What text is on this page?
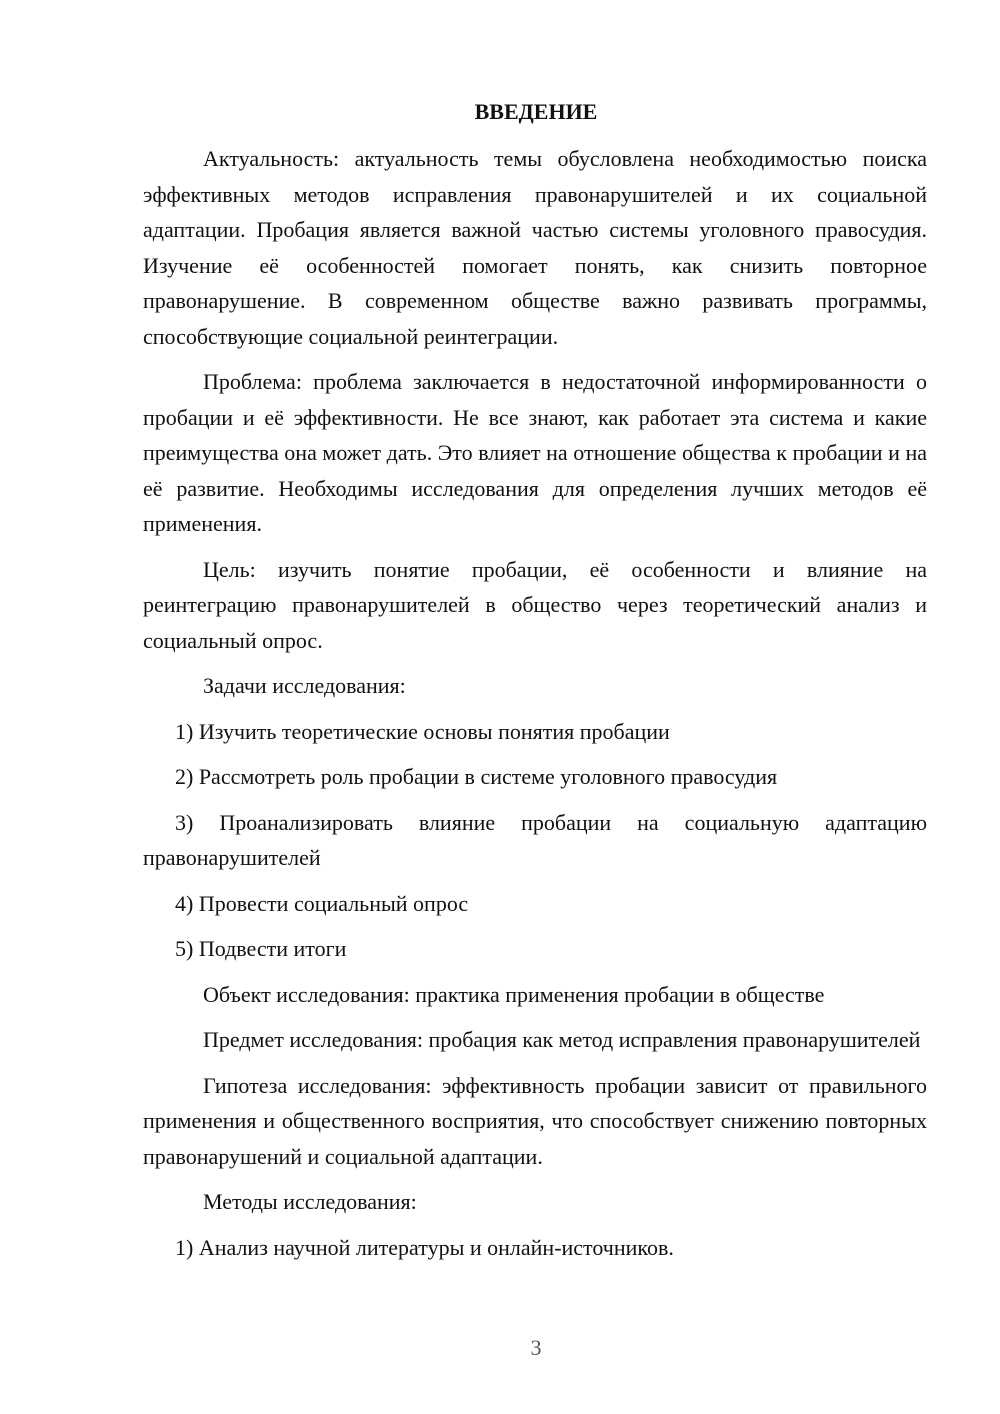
ВВЕДЕНИЕ

Актуальность: актуальность темы обусловлена необходимостью поиска эффективных методов исправления правонарушителей и их социальной адаптации. Пробация является важной частью системы уголовного правосудия. Изучение её особенностей помогает понять, как снизить повторное правонарушение. В современном обществе важно развивать программы, способствующие социальной реинтеграции.

Проблема: проблема заключается в недостаточной информированности о пробации и её эффективности. Не все знают, как работает эта система и какие преимущества она может дать. Это влияет на отношение общества к пробации и на её развитие. Необходимы исследования для определения лучших методов её применения.

Цель: изучить понятие пробации, её особенности и влияние на реинтеграцию правонарушителей в общество через теоретический анализ и социальный опрос.

Задачи исследования:

1) Изучить теоретические основы понятия пробации

2) Рассмотреть роль пробации в системе уголовного правосудия

3) Проанализировать влияние пробации на социальную адаптацию правонарушителей

4) Провести социальный опрос

5) Подвести итоги

Объект исследования: практика применения пробации в обществе

Предмет исследования: пробация как метод исправления правонарушителей

Гипотеза исследования: эффективность пробации зависит от правильного применения и общественного восприятия, что способствует снижению повторных правонарушений и социальной адаптации.

Методы исследования:

1) Анализ научной литературы и онлайн-источников.

3
